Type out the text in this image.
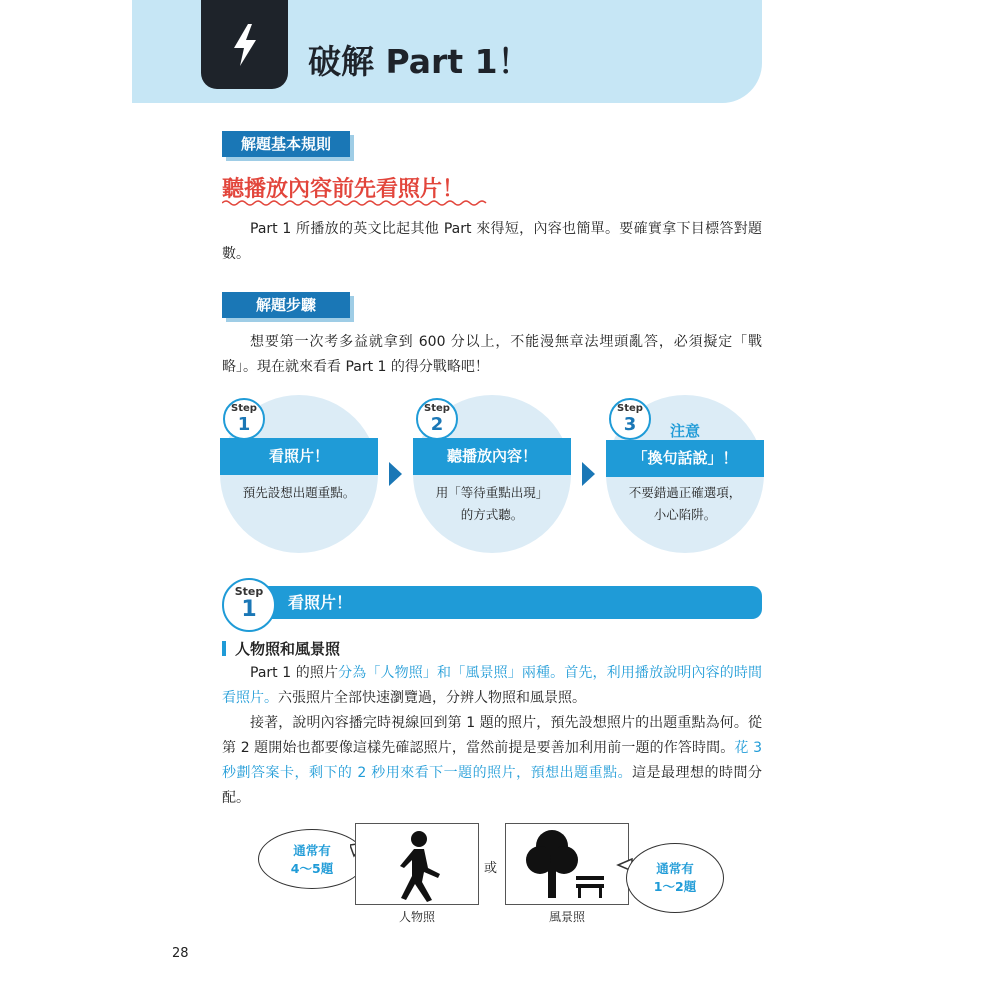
破解 Part 1！
解題基本規則
聽播放內容前先看照片！

Part 1 所播放的英文比起其他 Part 來得短，內容也簡單。要確實拿下目標答對題數。

解題步驟

想要第一次考多益就拿到 600 分以上，不能漫無章法埋頭亂答，必須擬定「戰略」。現在就來看看 Part 1 的得分戰略吧！

看照片！
預先設想出題重點。
Step
1
聽播放內容！
用「等待重點出現」
的方式聽。
Step
2	注意
「換句話說」！
不要錯過正確選項，
小心陷阱。
Step
3
Step
1	看照片！
人物照和風景照

Part 1 的照片分為「人物照」和「風景照」兩種。首先，利用播放說明內容的時間看照片。六張照片全部快速瀏覽過，分辨人物照和風景照。

接著，說明內容播完時視線回到第 1 題的照片，預先設想照片的出題重點為何。從第 2 題開始也都要像這樣先確認照片，當然前提是要善加利用前一題的作答時間。花 3 秒劃答案卡，剩下的 2 秒用來看下一題的照片，預想出題重點。這是最理想的時間分配。

通常有
4～5題
人物照
或
風景照
通常有
1～2題
28
